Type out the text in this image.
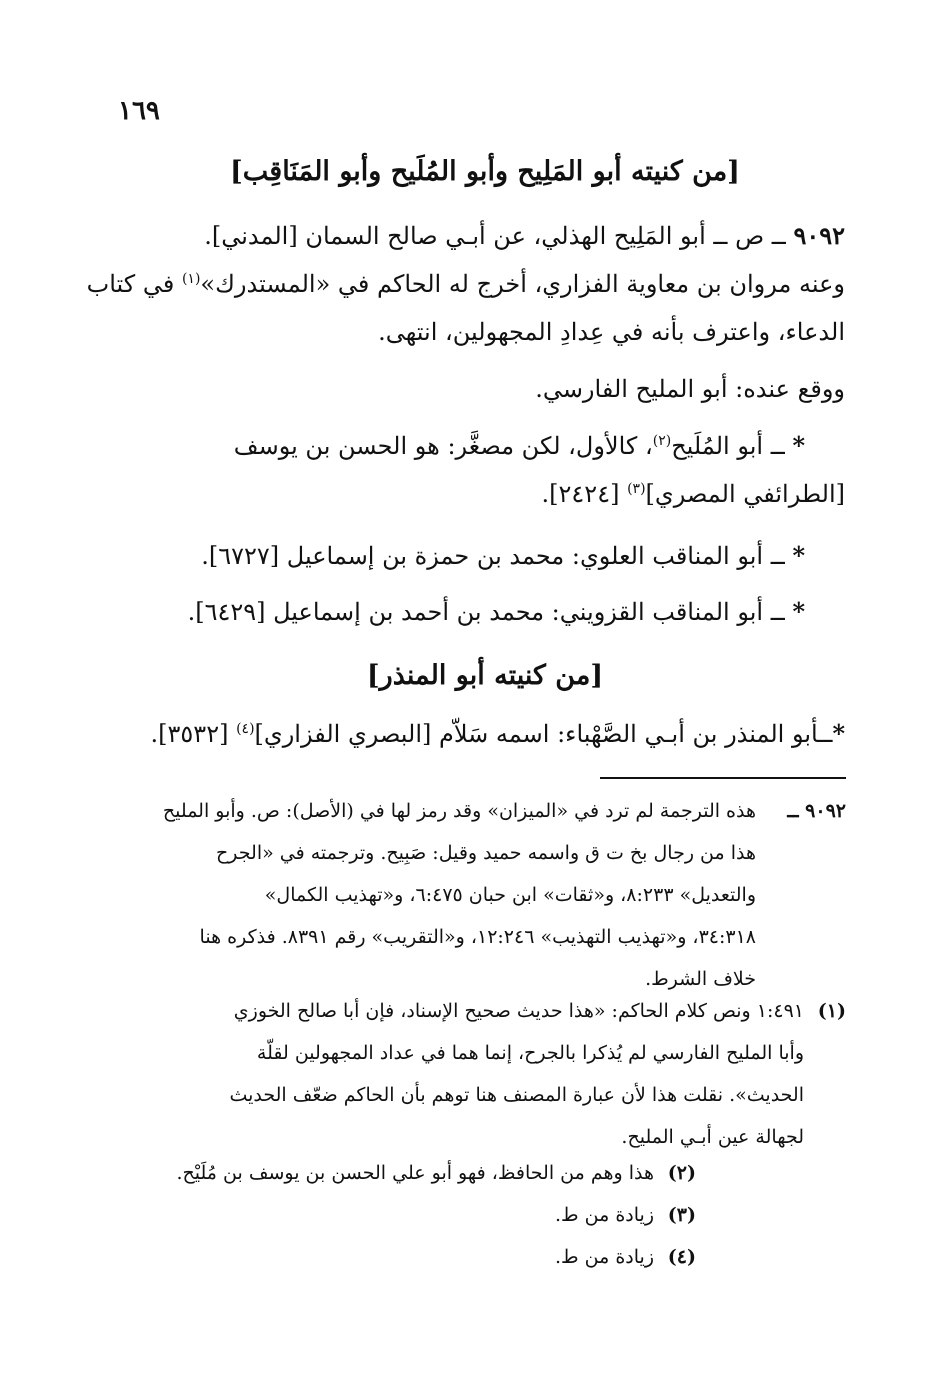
١٦٩
[من كنيته أبو المَلِيح وأبو المُلَيح وأبو المَنَاقِب]
٩٠٩٢ ــ ص ــ أبو المَلِيح الهذلي، عن أبـي صالح السمان [المدني].
وعنه مروان بن معاوية الفزاري، أخرج له الحاكم في «المستدرك»$^{(١)}$ في كتاب
الدعاء، واعترف بأنه في عِدادِ المجهولين، انتهى.
ووقع عنده: أبو المليح الفارسي.
* ــ أبو المُلَيح$^{(٢)}$، كالأول، لكن مصغَّر: هو الحسن بن يوسف
[الطرائفي المصري]$^{(٣)}$ [٢٤٢٤].
* ــ أبو المناقب العلوي: محمد بن حمزة بن إسماعيل [٦٧٢٧].
* ــ أبو المناقب القزويني: محمد بن أحمد بن إسماعيل [٦٤٢٩].
[من كنيته أبو المنذر]
*ــأبو المنذر بن أبـي الصَّهْباء: اسمه سَلاّم [البصري الفزاري]$^{(٤)}$ [٣٥٣٢].
٩٠٩٢ ــ
هذه الترجمة لم ترد في «الميزان» وقد رمز لها في (الأصل): ص. وأبو المليح
هذا من رجال بخ ت ق واسمه حميد وقيل: صَبِيح. وترجمته في «الجرح
والتعديل» ٨:٢٣٣، و«ثقات» ابن حبان ٦:٤٧٥، و«تهذيب الكمال»
٣٤:٣١٨، و«تهذيب التهذيب» ١٢:٢٤٦، و«التقريب» رقم ٨٣٩١. فذكره هنا
خلاف الشرط.
(١)
١:٤٩١ ونص كلام الحاكم: «هذا حديث صحيح الإسناد، فإن أبا صالح الخوزي
وأبا المليح الفارسي لم يُذكرا بالجرح، إنما هما في عداد المجهولين لقلّة
الحديث». نقلت هذا لأن عبارة المصنف هنا توهم بأن الحاكم ضعّف الحديث
لجهالة عين أبـي المليح.
(٢)
هذا وهم من الحافظ، فهو أبو علي الحسن بن يوسف بن مُلَيْح.
(٣)
زيادة من ط.
(٤)
زيادة من ط.
